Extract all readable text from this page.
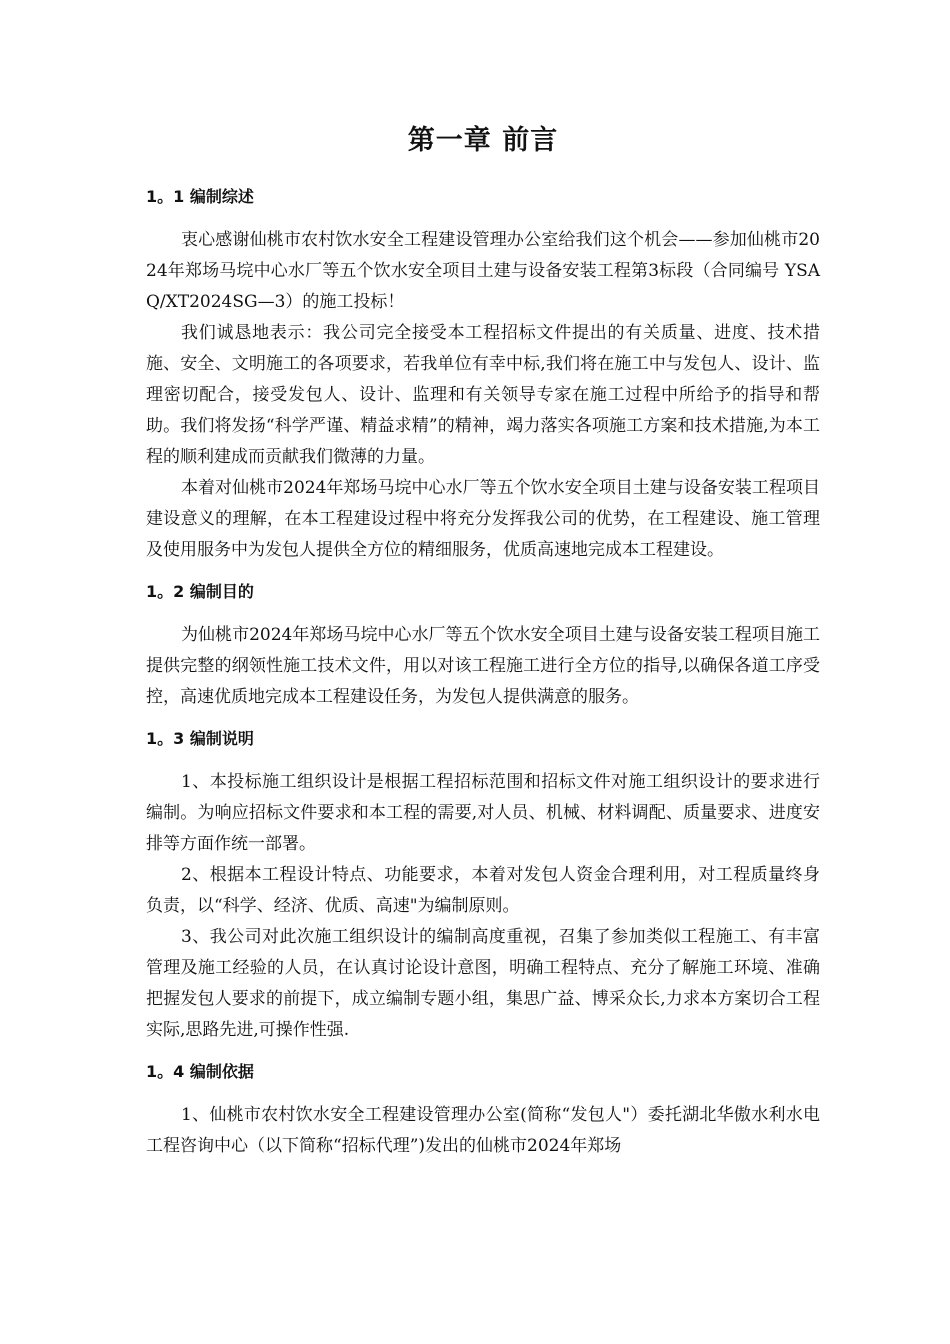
第一章 前言
1。1 编制综述

衷心感谢仙桃市农村饮水安全工程建设管理办公室给我们这个机会——参加仙桃市2024年郑场马垸中心水厂等五个饮水安全项目土建与设备安装工程第3标段（合同编号 YSAQ/XT2024SG—3）的施工投标！

我们诚恳地表示：我公司完全接受本工程招标文件提出的有关质量、进度、技术措施、安全、文明施工的各项要求，若我单位有幸中标,我们将在施工中与发包人、设计、监理密切配合，接受发包人、设计、监理和有关领导专家在施工过程中所给予的指导和帮助。我们将发扬“科学严谨、精益求精”的精神，竭力落实各项施工方案和技术措施,为本工程的顺利建成而贡献我们微薄的力量。

本着对仙桃市2024年郑场马垸中心水厂等五个饮水安全项目土建与设备安装工程项目建设意义的理解，在本工程建设过程中将充分发挥我公司的优势，在工程建设、施工管理及使用服务中为发包人提供全方位的精细服务，优质高速地完成本工程建设。

1。2 编制目的

为仙桃市2024年郑场马垸中心水厂等五个饮水安全项目土建与设备安装工程项目施工提供完整的纲领性施工技术文件，用以对该工程施工进行全方位的指导,以确保各道工序受控，高速优质地完成本工程建设任务，为发包人提供满意的服务。

1。3 编制说明

1、本投标施工组织设计是根据工程招标范围和招标文件对施工组织设计的要求进行编制。为响应招标文件要求和本工程的需要,对人员、机械、材料调配、质量要求、进度安排等方面作统一部署。

2、根据本工程设计特点、功能要求，本着对发包人资金合理利用，对工程质量终身负责，以“科学、经济、优质、高速"为编制原则。

3、我公司对此次施工组织设计的编制高度重视，召集了参加类似工程施工、有丰富管理及施工经验的人员，在认真讨论设计意图，明确工程特点、充分了解施工环境、准确把握发包人要求的前提下，成立编制专题小组，集思广益、博采众长,力求本方案切合工程实际,思路先进,可操作性强.

1。4 编制依据

1、仙桃市农村饮水安全工程建设管理办公室(简称“发包人"）委托湖北华傲水利水电工程咨询中心（以下简称“招标代理”)发出的仙桃市2024年郑场
